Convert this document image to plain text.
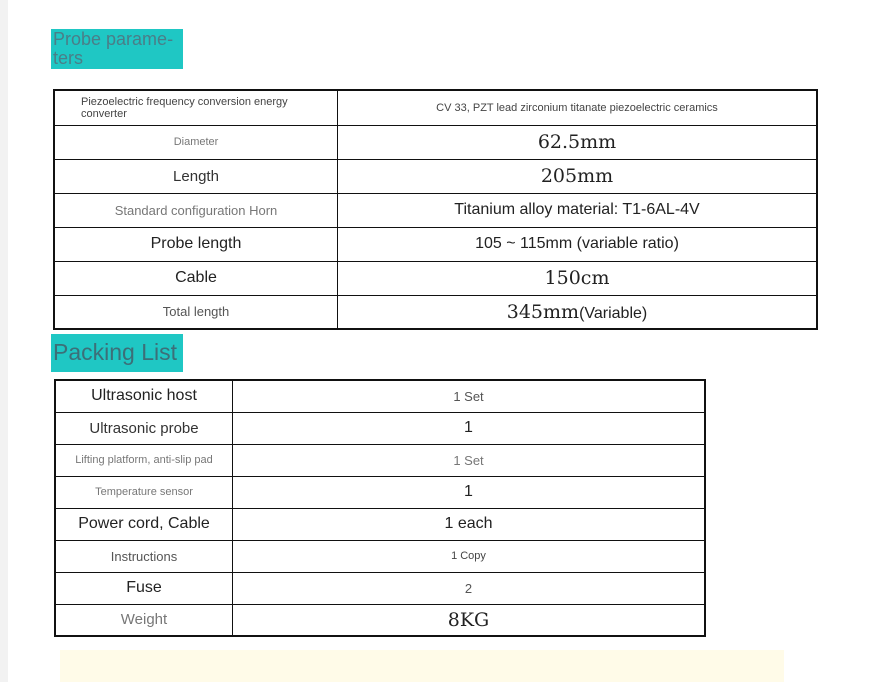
Probe parame- ters
Piezoelectric frequency conversion energy converter	CV 33, PZT lead zirconium titanate piezoelectric ceramics
Diameter	62.5mm
Length	205mm
Standard configuration Horn	Titanium alloy material: T1-6AL-4V
Probe length	105 ~ 115mm (variable ratio)
Cable	150cm
Total length	345mm(Variable)
Packing List
Ultrasonic host	1 Set
Ultrasonic probe	1
Lifting platform, anti-slip pad	1 Set
Temperature sensor	1
Power cord, Cable	1 each
Instructions	1 Copy
Fuse	2
Weight	8KG
